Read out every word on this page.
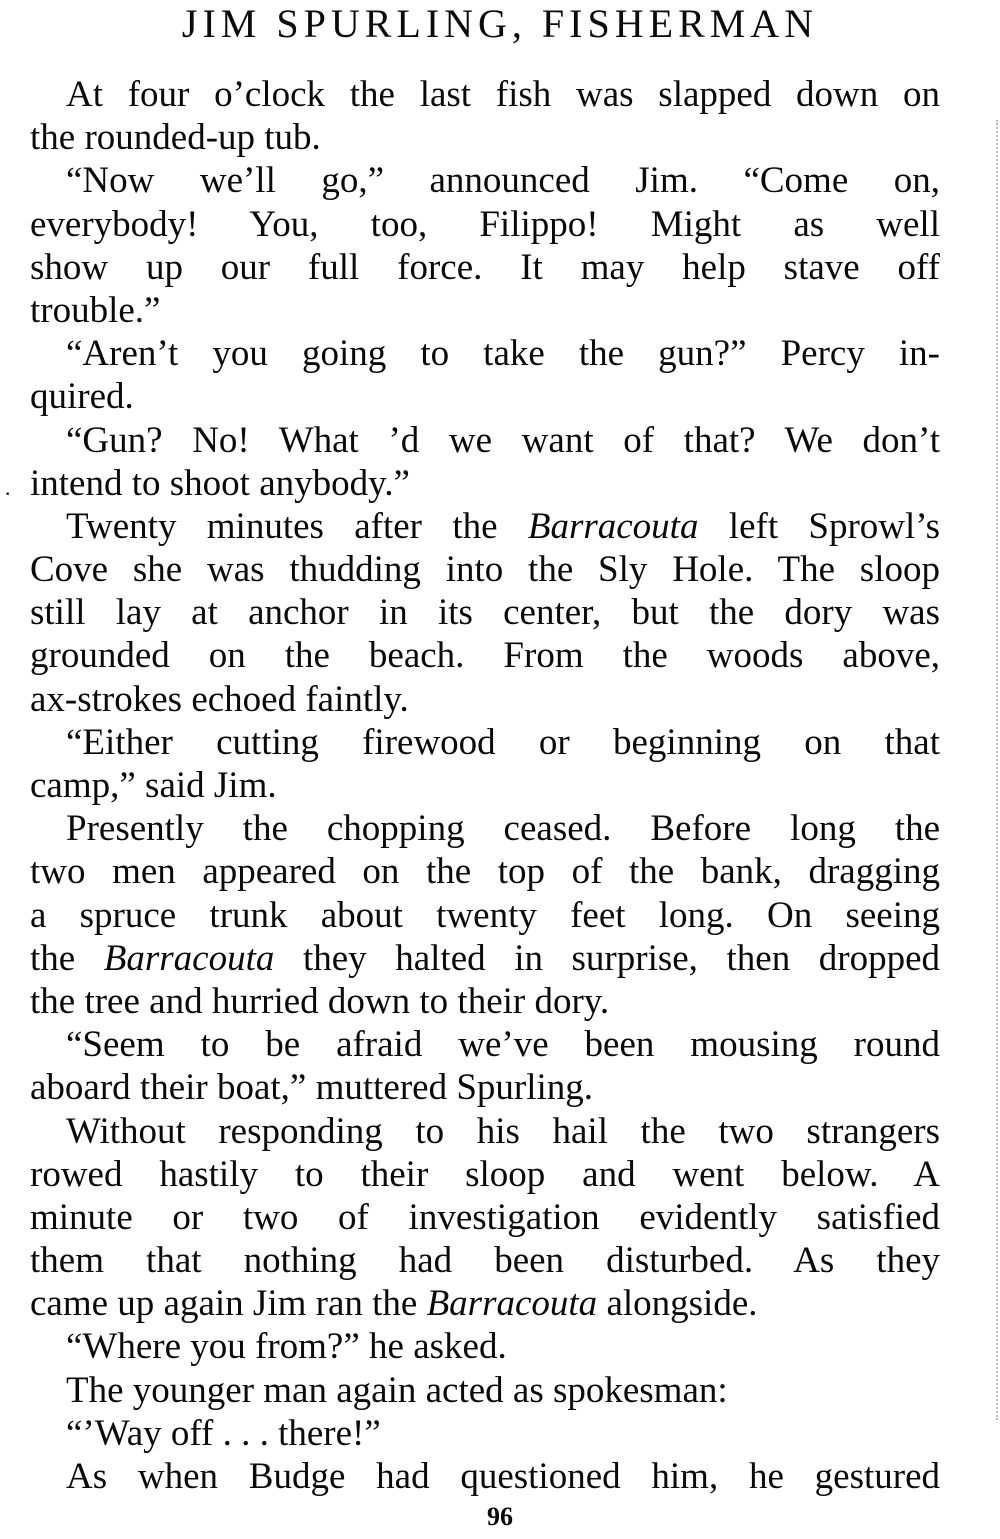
JIM SPURLING, FISHERMAN
·
At four o’clock the last fish was slapped down on
the rounded-up tub.
“Now we’ll go,” announced Jim. “Come on,
everybody! You, too, Filippo! Might as well
show up our full force. It may help stave off
trouble.”
“Aren’t you going to take the gun?” Percy in-
quired.
“Gun? No! What ’d we want of that? We don’t
intend to shoot anybody.”
Twenty minutes after the Barracouta left Sprowl’s
Cove she was thudding into the Sly Hole. The sloop
still lay at anchor in its center, but the dory was
grounded on the beach. From the woods above,
ax-strokes echoed faintly.
“Either cutting firewood or beginning on that
camp,” said Jim.
Presently the chopping ceased. Before long the
two men appeared on the top of the bank, dragging
a spruce trunk about twenty feet long. On seeing
the Barracouta they halted in surprise, then dropped
the tree and hurried down to their dory.
“Seem to be afraid we’ve been mousing round
aboard their boat,” muttered Spurling.
Without responding to his hail the two strangers
rowed hastily to their sloop and went below. A
minute or two of investigation evidently satisfied
them that nothing had been disturbed. As they
came up again Jim ran the Barracouta alongside.
“Where you from?” he asked.
The younger man again acted as spokesman:
“’Way off . . . there!”
As when Budge had questioned him, he gestured
96
